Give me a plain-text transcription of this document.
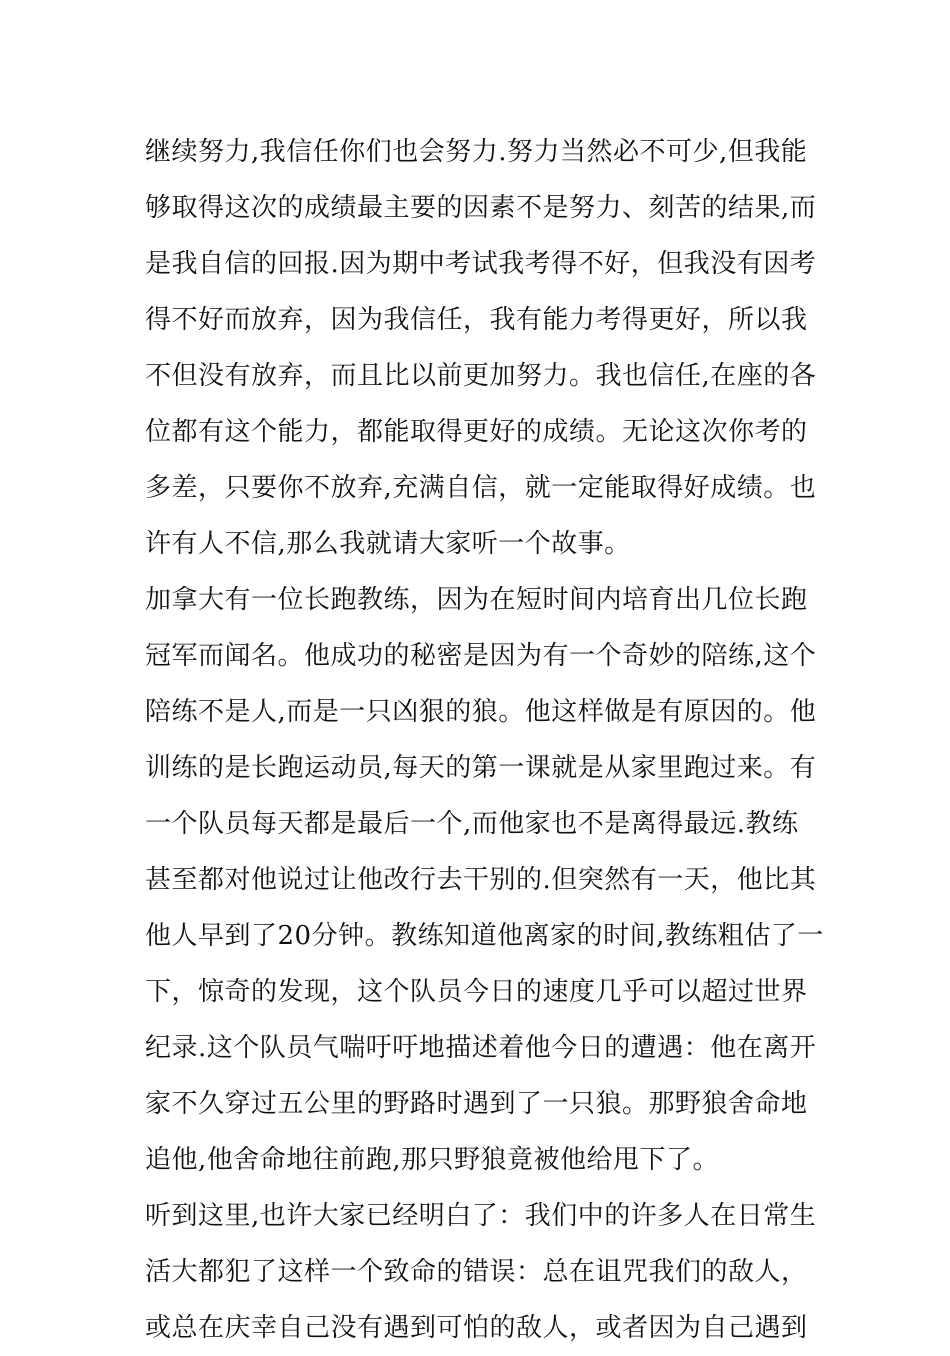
继续努力,我信任你们也会努力.努力当然必不可少,但我能
够取得这次的成绩最主要的因素不是努力、刻苦的结果,而
是我自信的回报.因为期中考试我考得不好，但我没有因考
得不好而放弃，因为我信任，我有能力考得更好，所以我
不但没有放弃，而且比以前更加努力。我也信任,在座的各
位都有这个能力，都能取得更好的成绩。无论这次你考的
多差，只要你不放弃,充满自信，就一定能取得好成绩。也
许有人不信,那么我就请大家听一个故事。
加拿大有一位长跑教练，因为在短时间内培育出几位长跑
冠军而闻名。他成功的秘密是因为有一个奇妙的陪练,这个
陪练不是人,而是一只凶狠的狼。他这样做是有原因的。他
训练的是长跑运动员,每天的第一课就是从家里跑过来。有
一个队员每天都是最后一个,而他家也不是离得最远.教练
甚至都对他说过让他改行去干别的.但突然有一天，他比其
他人早到了20分钟。教练知道他离家的时间,教练粗估了一
下，惊奇的发现，这个队员今日的速度几乎可以超过世界
纪录.这个队员气喘吁吁地描述着他今日的遭遇：他在离开
家不久穿过五公里的野路时遇到了一只狼。那野狼舍命地
追他,他舍命地往前跑,那只野狼竟被他给甩下了。
听到这里,也许大家已经明白了：我们中的许多人在日常生
活大都犯了这样一个致命的错误：总在诅咒我们的敌人，
或总在庆幸自己没有遇到可怕的敌人，或者因为自己遇到
